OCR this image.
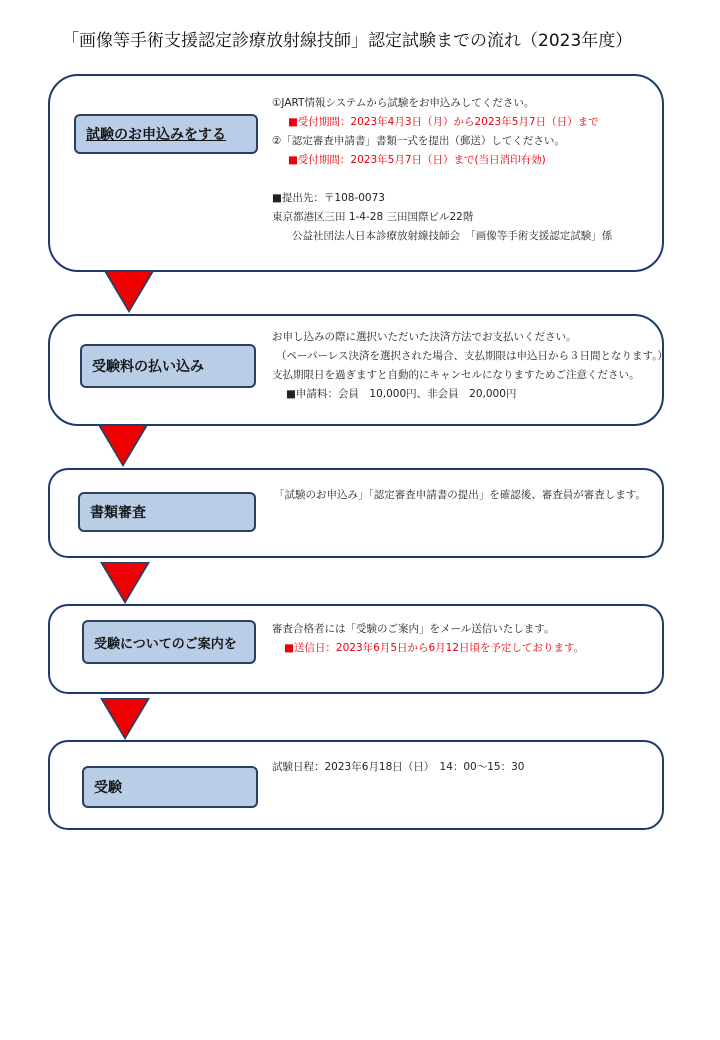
「画像等手術支援認定診療放射線技師」認定試験までの流れ（2023年度）
試験のお申込みをする
①JART情報システムから試験をお申込みしてください。
■受付期間：2023年4月3日（月）から2023年5月7日（日）まで
②「認定審査申請書」書類一式を提出（郵送）してください。
■受付期間：2023年5月7日（日）まで(当日消印有効)
■提出先：〒108-0073
東京都港区三田 1-4-28 三田国際ビル22階
公益社団法人日本診療放射線技師会　「画像等手術支援認定試験」係
受験料の払い込み
お申し込みの際に選択いただいた決済方法でお支払いください。
（ペーパーレス決済を選択された場合、支払期限は申込日から３日間となります。）
支払期限日を過ぎますと自動的にキャンセルになりますためご注意ください。
■申請料：会員　10,000円、非会員　20,000円
書類審査
「試験のお申込み」「認定審査申請書の提出」を確認後、審査員が審査します。
受験についてのご案内を
審査合格者には「受験のご案内」をメール送信いたします。
■送信日：2023年6月5日から6月12日頃を予定しております。
受験
試験日程：2023年6月18日（日）　14：00～15：30
